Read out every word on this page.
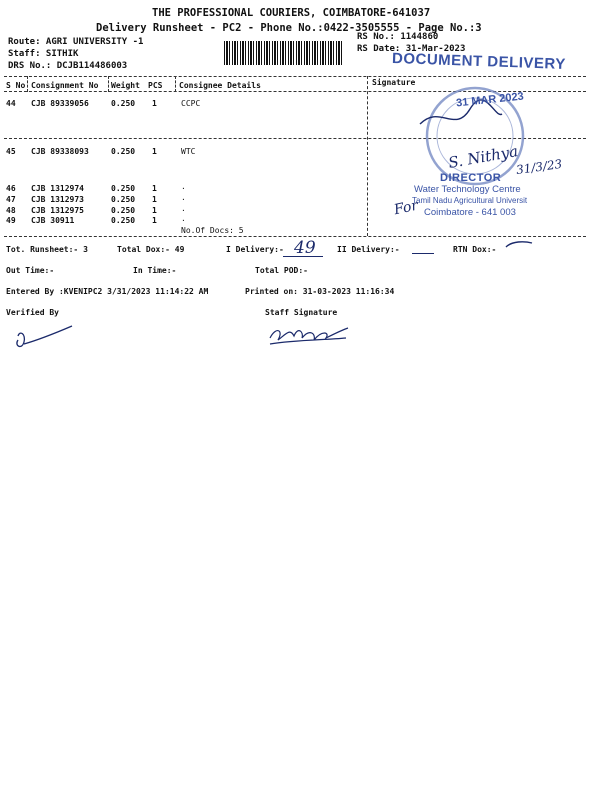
THE PROFESSIONAL COURIERS, COIMBATORE-641037
Delivery Runsheet - PC2 - Phone No.:0422-3505555 - Page No.:3
Route: AGRI UNIVERSITY -1
Staff: SITHIK
DRS No.: DCJB114486003
RS No.: 1144860
RS Date: 31-Mar-2023
DOCUMENT DELIVERY
S No Consignment No Weight PCS Consignee Details	Signature
44 CJB 89339056	0.250 1	CCPC
45 CJB 89338093	0.250 1	WTC
46 CJB 1312974	0.250 1	.
47 CJB 1312973	0.250 1	.
48 CJB 1312975	0.250 1	.
49 CJB 30911	0.250 1	.
No.Of Docs: 5
31 MAR 2023
S. Nithya
31/3/23
DIRECTOR
Water Technology Centre
Tamil Nadu Agricultural Universit
Coimbatore - 641 003
For
Tot. Runsheet:- 3	Total Dox:- 49	I Delivery:- 49	II Delivery:-	RTN Dox:-
Out Time:-	In Time:-	Total POD:-
Entered By :KVENIPC2 3/31/2023 11:14:22 AM	Printed on: 31-03-2023 11:16:34
Verified By	Staff Signature
